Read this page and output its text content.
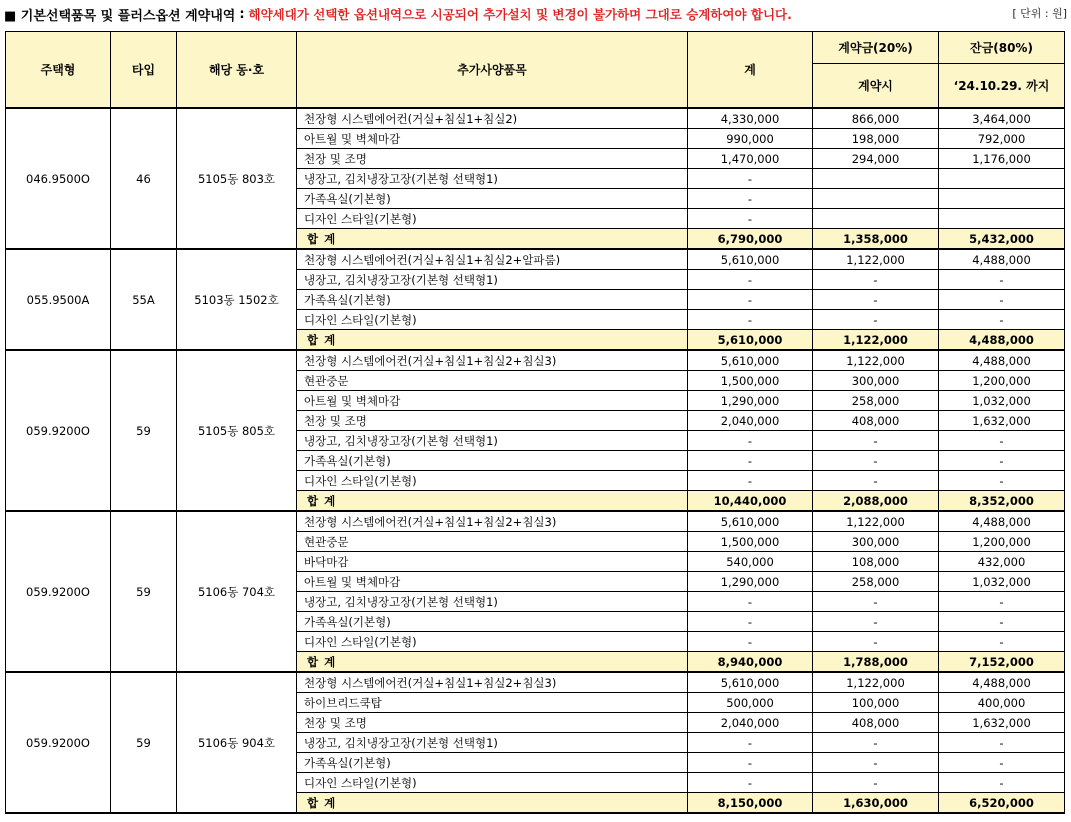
■ 기본선택품목 및 플러스옵션 계약내역 : 해약세대가 선택한 옵션내역으로 시공되어 추가설치 및 변경이 불가하며 그대로 승계하여야 합니다.	[ 단위 : 원]
주택형	타입	해당 동·호	추가사양품목	계	계약금(20%)	잔금(80%)
					계약시	‘24.10.29. 까지
046.9500O	46	5105동 803호	천장형 시스템에어컨(거실+침실1+침실2)	4,330,000	866,000	3,464,000
			아트월 및 벽체마감	990,000	198,000	792,000
			천장 및 조명	1,470,000	294,000	1,176,000
			냉장고, 김치냉장고장(기본형 선택형1)	-		
			가족욕실(기본형)	-		
			디자인 스타일(기본형)	-		
			합 계	6,790,000	1,358,000	5,432,000
055.9500A	55A	5103동 1502호	천장형 시스템에어컨(거실+침실1+침실2+알파룸)	5,610,000	1,122,000	4,488,000
			냉장고, 김치냉장고장(기본형 선택형1)	-	-	-
			가족욕실(기본형)	-	-	-
			디자인 스타일(기본형)	-	-	-
			합 계	5,610,000	1,122,000	4,488,000
059.9200O	59	5105동 805호	천장형 시스템에어컨(거실+침실1+침실2+침실3)	5,610,000	1,122,000	4,488,000
			현관중문	1,500,000	300,000	1,200,000
			아트월 및 벽체마감	1,290,000	258,000	1,032,000
			천장 및 조명	2,040,000	408,000	1,632,000
			냉장고, 김치냉장고장(기본형 선택형1)	-	-	-
			가족욕실(기본형)	-	-	-
			디자인 스타일(기본형)	-	-	-
			합 계	10,440,000	2,088,000	8,352,000
059.9200O	59	5106동 704호	천장형 시스템에어컨(거실+침실1+침실2+침실3)	5,610,000	1,122,000	4,488,000
			현관중문	1,500,000	300,000	1,200,000
			바닥마감	540,000	108,000	432,000
			아트월 및 벽체마감	1,290,000	258,000	1,032,000
			냉장고, 김치냉장고장(기본형 선택형1)	-	-	-
			가족욕실(기본형)	-	-	-
			디자인 스타일(기본형)	-	-	-
			합 계	8,940,000	1,788,000	7,152,000
059.9200O	59	5106동 904호	천장형 시스템에어컨(거실+침실1+침실2+침실3)	5,610,000	1,122,000	4,488,000
			하이브리드쿡탑	500,000	100,000	400,000
			천장 및 조명	2,040,000	408,000	1,632,000
			냉장고, 김치냉장고장(기본형 선택형1)	-	-	-
			가족욕실(기본형)	-	-	-
			디자인 스타일(기본형)	-	-	-
			합 계	8,150,000	1,630,000	6,520,000
